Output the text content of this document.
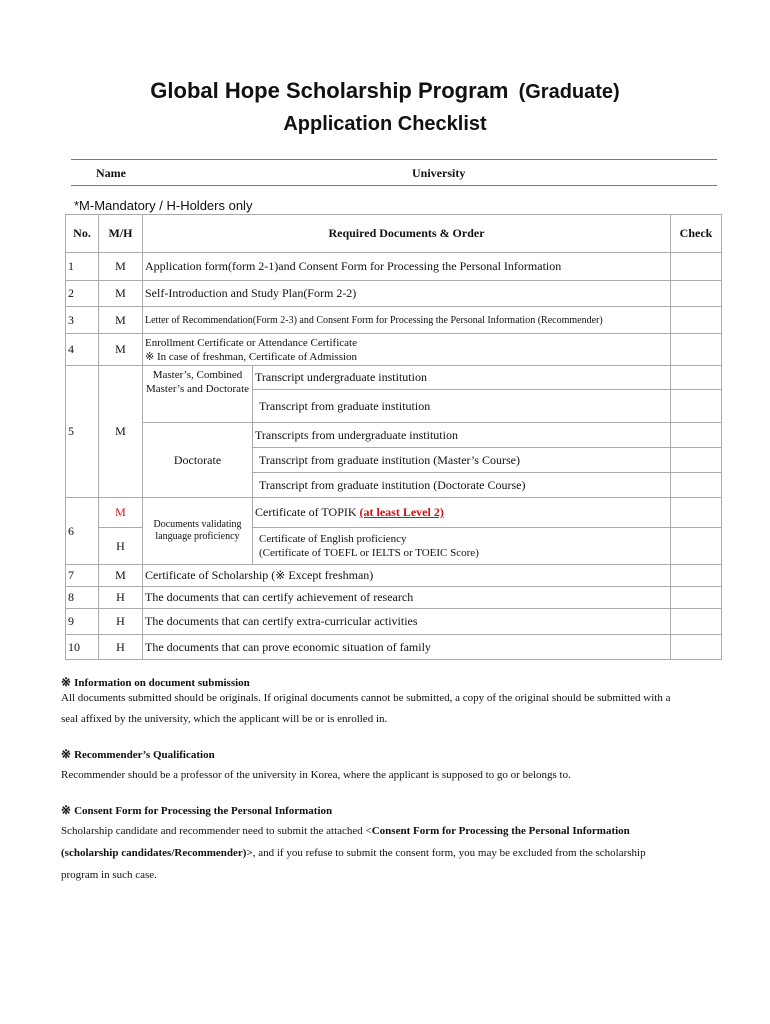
Global Hope Scholarship Program (Graduate)
Application Checklist
Name	University
*M-Mandatory / H-Holders only
No.	M/H	Required Documents & Order		Check
1	M	Application form(form 2-1)and Consent Form for Processing the Personal Information		
2	M	Self-Introduction and Study Plan(Form 2-2)		
3	M	Letter of Recommendation(Form 2-3) and Consent Form for Processing the Personal Information (Recommender)		
4	M	Enrollment Certificate or Attendance Certificate
※ In case of freshman, Certificate of Admission		

5	M	Master’s, Combined Master’s and Doctorate	Transcript undergraduate institution	
			Transcript from graduate institution	
		Doctorate	Transcripts from undergraduate institution	
			Transcript from graduate institution (Master’s Course)	
			Transcript from graduate institution (Doctorate Course)	
6	M	Documents validating language proficiency	Certificate of TOPIK (at least Level 2)	
	H		Certificate of English proficiency
(Certificate of TOEFL or IELTS or TOEIC Score)	

7	M	Certificate of Scholarship (※ Except freshman)		
8	H	The documents that can certify achievement of research		
9	H	The documents that can certify extra-curricular activities		
10	H	The documents that can prove economic situation of family		
※ Information on document submission
All documents submitted should be originals. If original documents cannot be submitted, a copy of the original should be submitted with a
seal affixed by the university, which the applicant will be or is enrolled in.
※ Recommender’s Qualification
Recommender should be a professor of the university in Korea, where the applicant is supposed to go or belongs to.
※ Consent Form for Processing the Personal Information
Scholarship candidate and recommender need to submit the attached <Consent Form for Processing the Personal Information
(scholarship candidates/Recommender)>, and if you refuse to submit the consent form, you may be excluded from the scholarship
program in such case.
